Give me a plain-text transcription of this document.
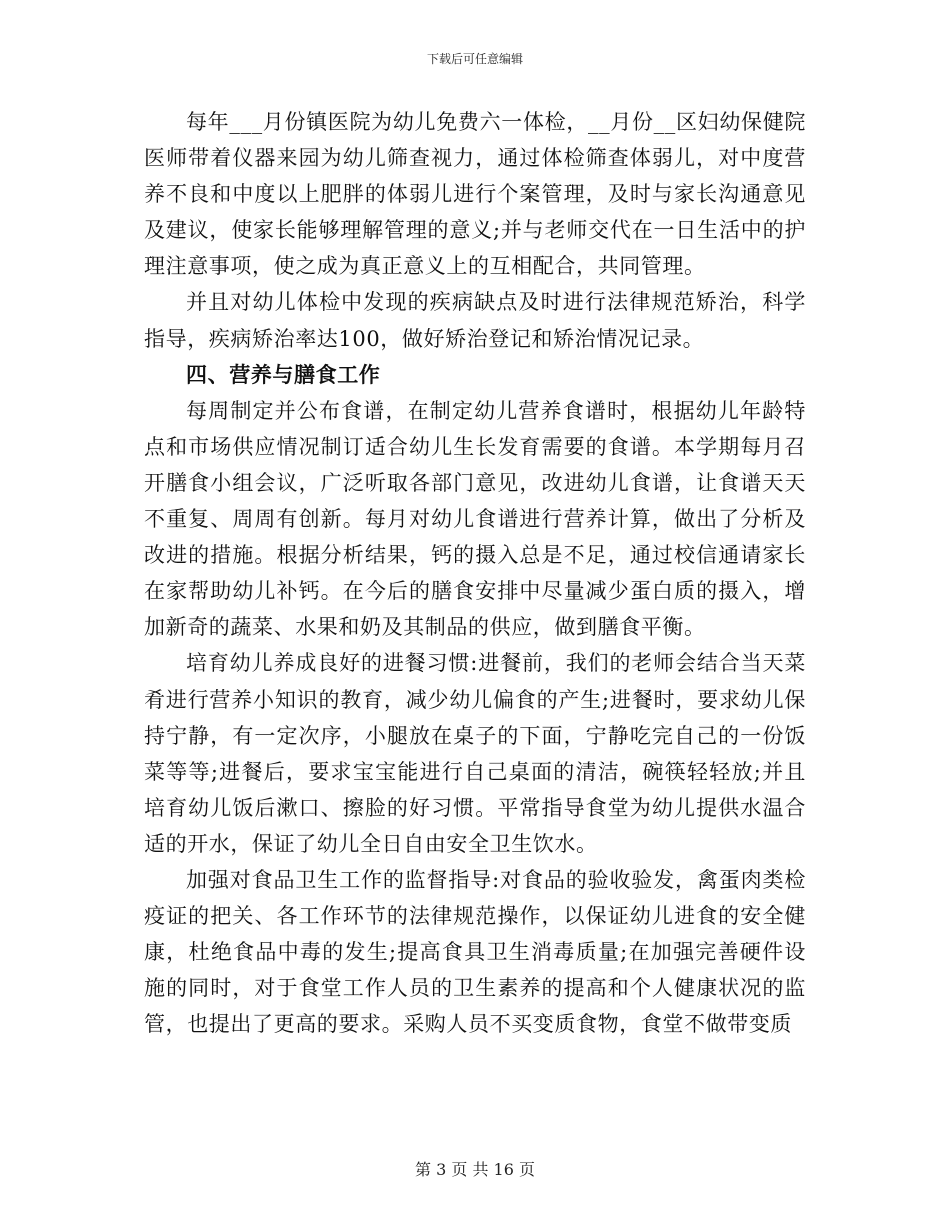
下载后可任意编辑

每年___月份镇医院为幼儿免费六一体检，__月份__区妇幼保健院医师带着仪器来园为幼儿筛查视力，通过体检筛查体弱儿，对中度营养不良和中度以上肥胖的体弱儿进行个案管理，及时与家长沟通意见及建议，使家长能够理解管理的意义;并与老师交代在一日生活中的护理注意事项，使之成为真正意义上的互相配合，共同管理。

并且对幼儿体检中发现的疾病缺点及时进行法律规范矫治，科学指导，疾病矫治率达100，做好矫治登记和矫治情况记录。

四、营养与膳食工作

每周制定并公布食谱，在制定幼儿营养食谱时，根据幼儿年龄特点和市场供应情况制订适合幼儿生长发育需要的食谱。本学期每月召开膳食小组会议，广泛听取各部门意见，改进幼儿食谱，让食谱天天不重复、周周有创新。每月对幼儿食谱进行营养计算，做出了分析及改进的措施。根据分析结果，钙的摄入总是不足，通过校信通请家长在家帮助幼儿补钙。在今后的膳食安排中尽量减少蛋白质的摄入，增加新奇的蔬菜、水果和奶及其制品的供应，做到膳食平衡。

培育幼儿养成良好的进餐习惯:进餐前，我们的老师会结合当天菜肴进行营养小知识的教育，减少幼儿偏食的产生;进餐时，要求幼儿保持宁静，有一定次序，小腿放在桌子的下面，宁静吃完自己的一份饭菜等等;进餐后，要求宝宝能进行自己桌面的清洁，碗筷轻轻放;并且培育幼儿饭后漱口、擦脸的好习惯。平常指导食堂为幼儿提供水温合适的开水，保证了幼儿全日自由安全卫生饮水。

加强对食品卫生工作的监督指导:对食品的验收验发，禽蛋肉类检疫证的把关、各工作环节的法律规范操作，以保证幼儿进食的安全健康，杜绝食品中毒的发生;提高食具卫生消毒质量;在加强完善硬件设施的同时，对于食堂工作人员的卫生素养的提高和个人健康状况的监管，也提出了更高的要求。采购人员不买变质食物，食堂不做带变质

第 3 页 共 16 页
